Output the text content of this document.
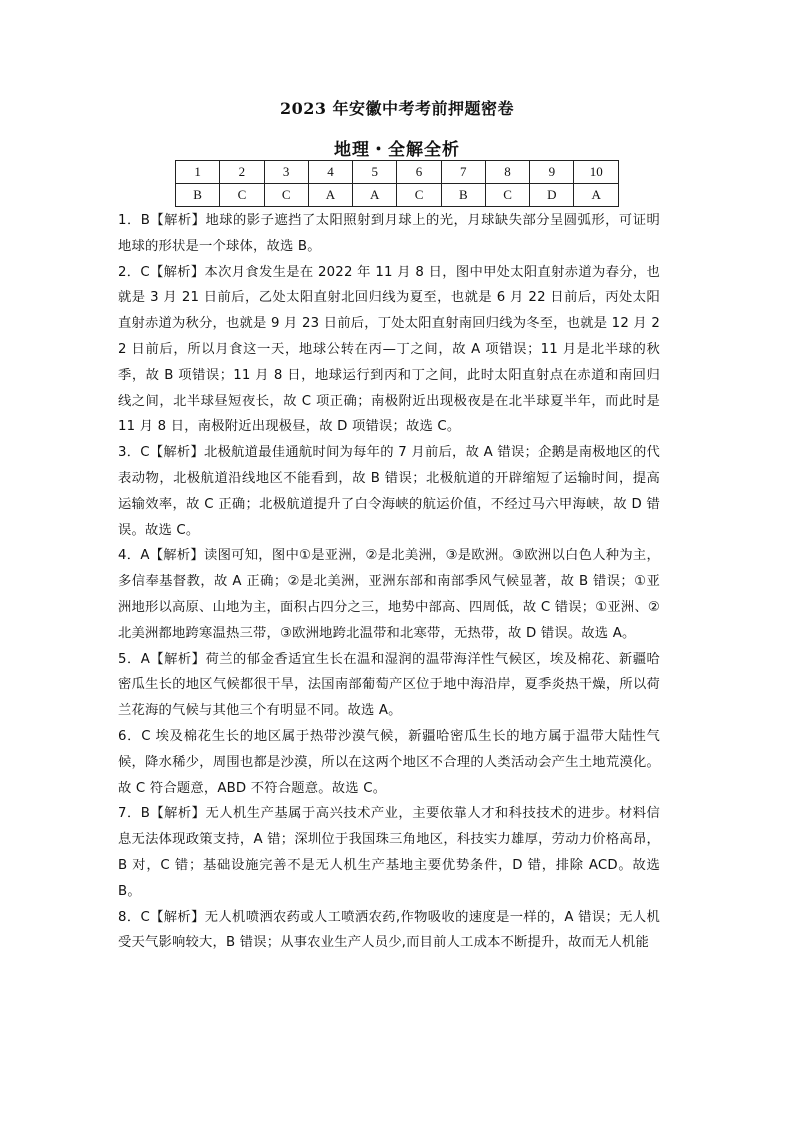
2023 年安徽中考考前押题密卷
地理・全解全析
1	2	3	4	5	6	7	8	9	10
B	C	C	A	A	C	B	C	D	A

1．B【解析】地球的影子遮挡了太阳照射到月球上的光，月球缺失部分呈圆弧形，可证明地球的形状是一个球体，故选 B。

2．C【解析】本次月食发生是在 2022 年 11 月 8 日，图中甲处太阳直射赤道为春分，也就是 3 月 21 日前后，乙处太阳直射北回归线为夏至，也就是 6 月 22 日前后，丙处太阳直射赤道为秋分，也就是 9 月 23 日前后，丁处太阳直射南回归线为冬至，也就是 12 月 22 日前后，所以月食这一天，地球公转在丙—丁之间，故 A 项错误；11 月是北半球的秋季，故 B 项错误；11 月 8 日，地球运行到丙和丁之间，此时太阳直射点在赤道和南回归线之间，北半球昼短夜长，故 C 项正确；南极附近出现极夜是在北半球夏半年，而此时是 11 月 8 日，南极附近出现极昼，故 D 项错误；故选 C。

3．C【解析】北极航道最佳通航时间为每年的 7 月前后，故 A 错误；企鹅是南极地区的代表动物，北极航道沿线地区不能看到，故 B 错误；北极航道的开辟缩短了运输时间，提高运输效率，故 C 正确；北极航道提升了白令海峡的航运价值，不经过马六甲海峡，故 D 错误。故选 C。

4．A【解析】读图可知，图中①是亚洲，②是北美洲，③是欧洲。③欧洲以白色人种为主，多信奉基督教，故 A 正确；②是北美洲，亚洲东部和南部季风气候显著，故 B 错误；①亚洲地形以高原、山地为主，面积占四分之三，地势中部高、四周低，故 C 错误；①亚洲、②北美洲都地跨寒温热三带，③欧洲地跨北温带和北寒带，无热带，故 D 错误。故选 A。

5．A【解析】荷兰的郁金香适宜生长在温和湿润的温带海洋性气候区，埃及棉花、新疆哈密瓜生长的地区气候都很干旱，法国南部葡萄产区位于地中海沿岸，夏季炎热干燥，所以荷兰花海的气候与其他三个有明显不同。故选 A。

6．C 埃及棉花生长的地区属于热带沙漠气候，新疆哈密瓜生长的地方属于温带大陆性气候，降水稀少，周围也都是沙漠，所以在这两个地区不合理的人类活动会产生土地荒漠化。故 C 符合题意，ABD 不符合题意。故选 C。

7．B【解析】无人机生产基属于高兴技术产业，主要依靠人才和科技技术的进步。材料信息无法体现政策支持，A 错；深圳位于我国珠三角地区，科技实力雄厚，劳动力价格高昂，B 对，C 错；基础设施完善不是无人机生产基地主要优势条件，D 错，排除 ACD。故选 B。

8．C【解析】无人机喷洒农药或人工喷洒农药,作物吸收的速度是一样的，A 错误；无人机受天气影响较大，B 错误；从事农业生产人员少,而目前人工成本不断提升，故而无人机能
